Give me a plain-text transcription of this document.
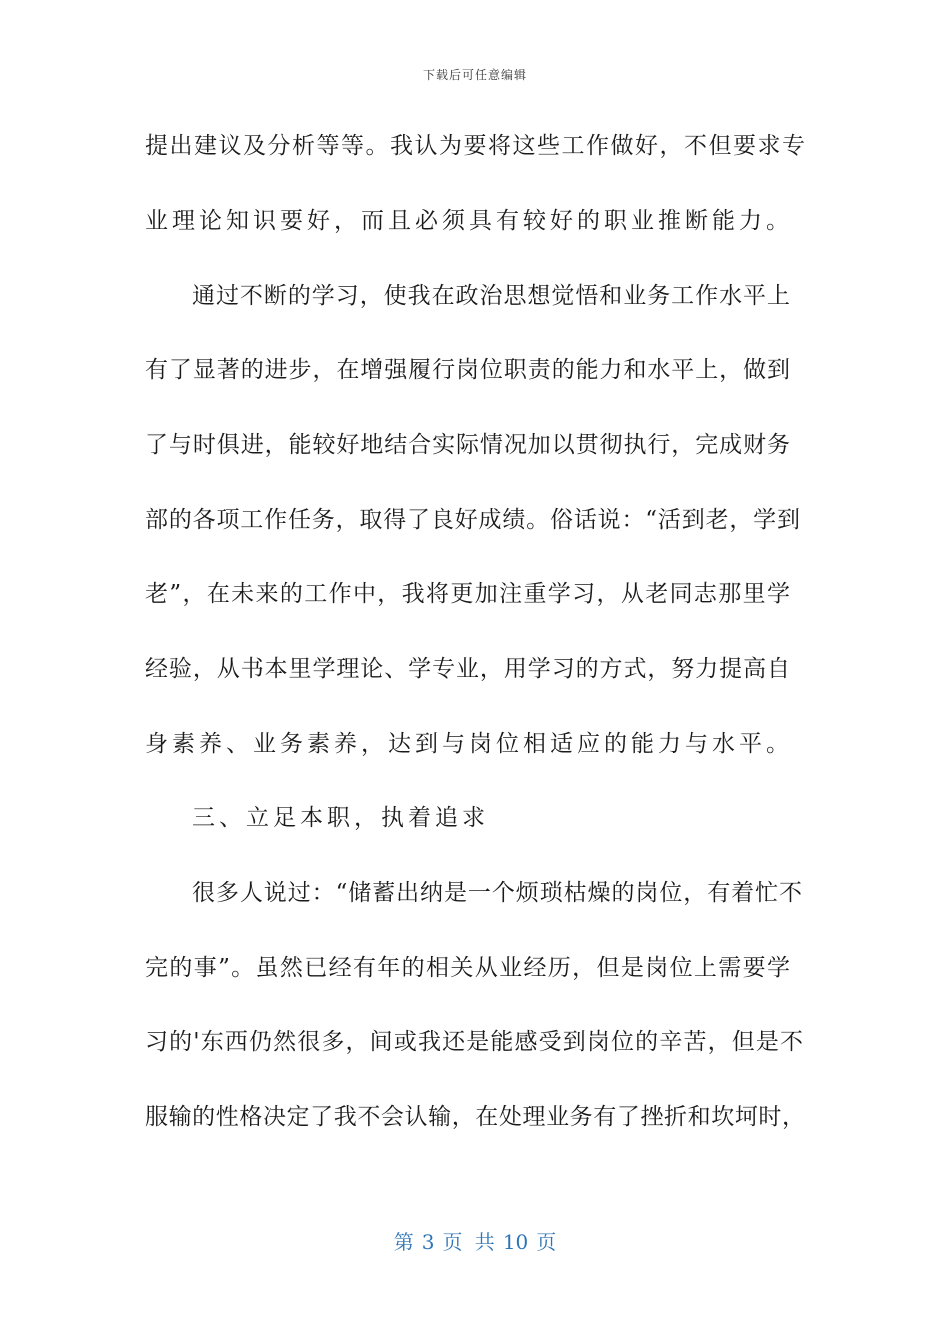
下载后可任意编辑
提出建议及分析等等。我认为要将这些工作做好，不但要求专
业理论知识要好，而且必须具有较好的职业推断能力。
通过不断的学习，使我在政治思想觉悟和业务工作水平上
有了显著的进步，在增强履行岗位职责的能力和水平上，做到
了与时俱进，能较好地结合实际情况加以贯彻执行，完成财务
部的各项工作任务，取得了良好成绩。俗话说：“活到老，学到
老”，在未来的工作中，我将更加注重学习，从老同志那里学
经验，从书本里学理论、学专业，用学习的方式，努力提高自
身素养、业务素养，达到与岗位相适应的能力与水平。
三、立足本职，执着追求
很多人说过：“储蓄出纳是一个烦琐枯燥的岗位，有着忙不
完的事”。虽然已经有年的相关从业经历，但是岗位上需要学
习的'东西仍然很多，间或我还是能感受到岗位的辛苦，但是不
服输的性格决定了我不会认输，在处理业务有了挫折和坎坷时，
第 3 页 共 10 页
